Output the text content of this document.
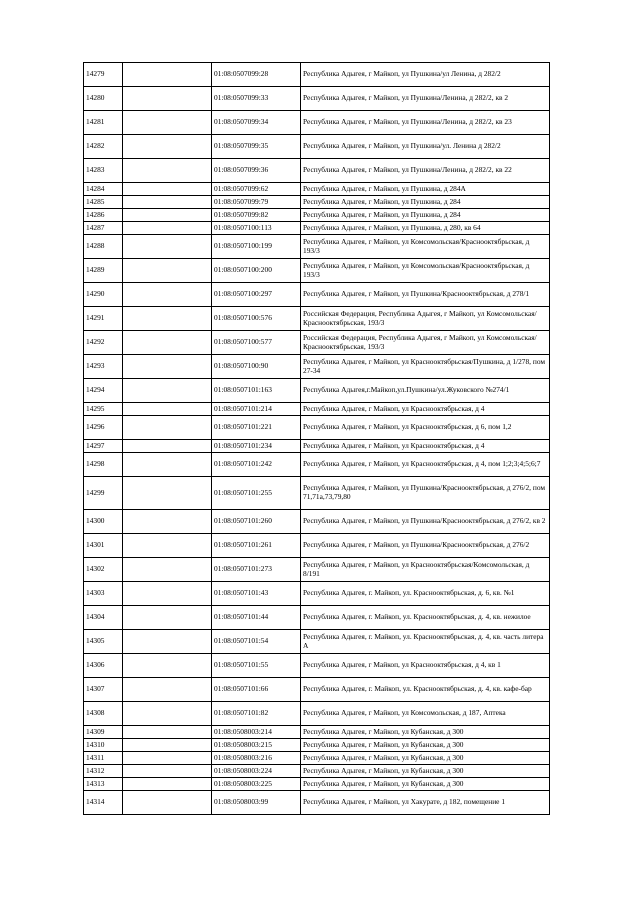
14279		01:08:0507099:28	Республика Адыгея, г Майкоп, ул Пушкина/ул Ленина, д 282/2
14280		01:08:0507099:33	Республика Адыгея, г Майкоп, ул Пушкина/Ленина, д 282/2, кв 2
14281		01:08:0507099:34	Республика Адыгея, г Майкоп, ул Пушкина/Ленина, д 282/2, кв 23
14282		01:08:0507099:35	Республика Адыгея, г Майкоп, ул Пушкина/ул. Ленина д 282/2
14283		01:08:0507099:36	Республика Адыгея, г Майкоп, ул Пушкина/Ленина, д 282/2, кв 22
14284		01:08:0507099:62	Республика Адыгея, г Майкоп, ул Пушкина, д 284А
14285		01:08:0507099:79	Республика Адыгея, г Майкоп, ул Пушкина, д 284
14286		01:08:0507099:82	Республика Адыгея, г Майкоп, ул Пушкина, д 284
14287		01:08:0507100:113	Республика Адыгея, г Майкоп, ул Пушкина, д 280, кв 64
14288		01:08:0507100:199	Республика Адыгея, г Майкоп, ул Комсомольская/Краснооктябрьская, д 193/3
14289		01:08:0507100:200	Республика Адыгея, г Майкоп, ул Комсомольская/Краснооктябрьская, д 193/3
14290		01:08:0507100:297	Республика Адыгея, г Майкоп, ул Пушкина/Краснооктябрьская, д 278/1
14291		01:08:0507100:576	Российская Федерация, Республика Адыгея, г Майкоп, ул Комсомольская/Краснооктябрьская, 193/3
14292		01:08:0507100:577	Российская Федерация, Республика Адыгея, г Майкоп, ул Комсомольская/Краснооктябрьская, 193/3
14293		01:08:0507100:90	Республика Адыгея, г Майкоп, ул Краснооктябрьская/Пушкина, д 1/278, пом 27-34
14294		01:08:0507101:163	Республика Адыгея,г.Майкоп,ул.Пушкина/ул.Жуковского №274/1
14295		01:08:0507101:214	Республика Адыгея, г Майкоп, ул Краснооктябрьская, д 4
14296		01:08:0507101:221	Республика Адыгея, г Майкоп, ул Краснооктябрьская, д 6, пом 1,2
14297		01:08:0507101:234	Республика Адыгея, г Майкоп, ул Краснооктябрьская, д 4
14298		01:08:0507101:242	Республика Адыгея, г Майкоп, ул Краснооктябрьская, д 4, пом 1;2;3;4;5;6;7
14299		01:08:0507101:255	Республика Адыгея, г Майкоп, ул Пушкина/Краснооктябрьская, д 276/2, пом 71,71а,73,79,80
14300		01:08:0507101:260	Республика Адыгея, г Майкоп, ул Пушкина/Краснооктябрьская, д 276/2, кв 2
14301		01:08:0507101:261	Республика Адыгея, г Майкоп, ул Пушкина/Краснооктябрьская, д 276/2
14302		01:08:0507101:273	Республика Адыгея, г Майкоп, ул Краснооктябрьская/Комсомольская, д 8/191
14303		01:08:0507101:43	Республика Адыгея, г. Майкоп, ул. Краснооктябрьская, д. 6, кв. №1
14304		01:08:0507101:44	Республика Адыгея, г. Майкоп, ул. Краснооктябрьская, д. 4, кв. нежилое
14305		01:08:0507101:54	Республика Адыгея, г. Майкоп, ул. Краснооктябрьская, д. 4, кв. часть литера А
14306		01:08:0507101:55	Республика Адыгея, г Майкоп, ул Краснооктябрьская, д 4, кв 1
14307		01:08:0507101:66	Республика Адыгея, г. Майкоп, ул. Краснооктябрьская, д. 4, кв. кафе-бар
14308		01:08:0507101:82	Республика Адыгея, г Майкоп, ул Комсомольская, д 187, Аптека
14309		01:08:0508003:214	Республика Адыгея, г Майкоп, ул Кубанская, д 300
14310		01:08:0508003:215	Республика Адыгея, г Майкоп, ул Кубанская, д 300
14311		01:08:0508003:216	Республика Адыгея, г Майкоп, ул Кубанская, д 300
14312		01:08:0508003:224	Республика Адыгея, г Майкоп, ул Кубанская, д 300
14313		01:08:0508003:225	Республика Адыгея, г Майкоп, ул Кубанская, д 300
14314		01:08:0508003:99	Республика Адыгея, г Майкоп, ул Хакурате, д 182, помещение 1
